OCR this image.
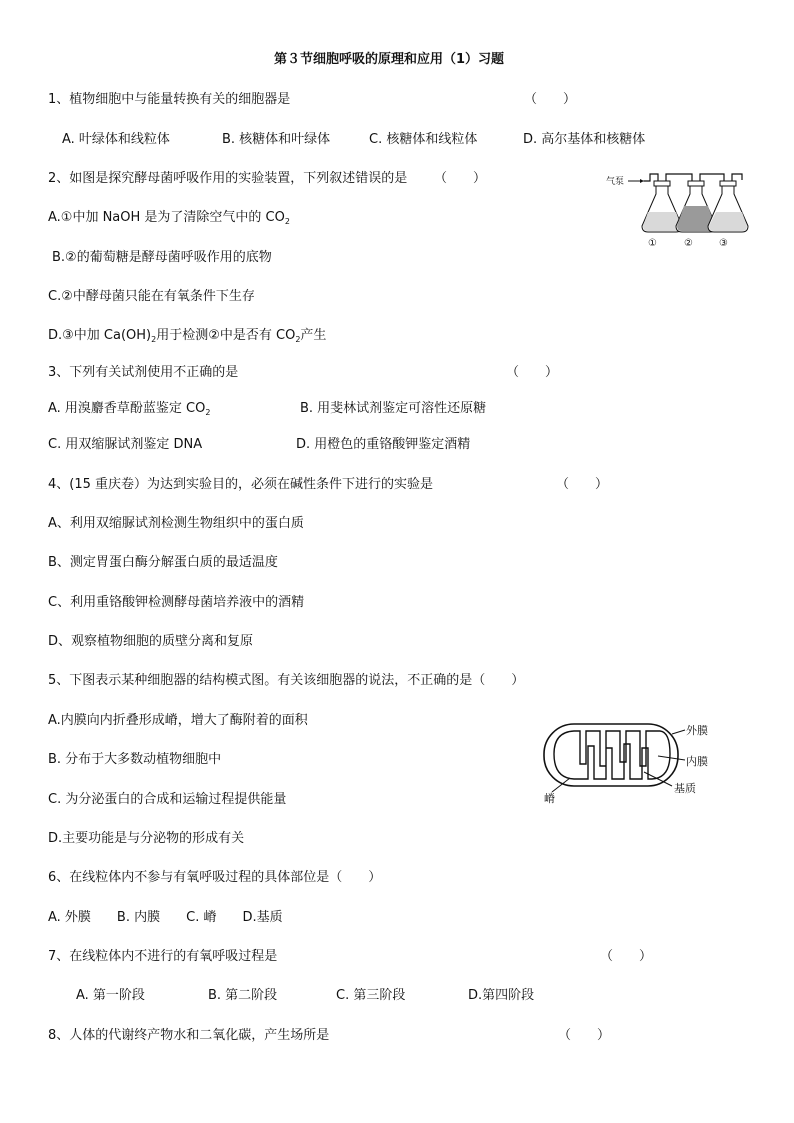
第３节细胞呼吸的原理和应用（1）习题
1、植物细胞中与能量转换有关的细胞器是	（　　）
A. 叶绿体和线粒体	B. 核糖体和叶绿体	C. 核糖体和线粒体	D. 高尔基体和核糖体
2、如图是探究酵母菌呼吸作用的实验装置，下列叙述错误的是 （　　）
A.①中加 NaOH 是为了清除空气中的 $CO_2$
B.②的葡萄糖是酵母菌呼吸作用的底物
C.②中酵母菌只能在有氧条件下生存
D.③中加 $Ca(OH)_2$用于检测②中是否有 $CO_2$产生
气泵
①	②	③
3、下列有关试剂使用不正确的是	（　　）
A. 用溴麝香草酚蓝鉴定 $CO_2$	B. 用斐林试剂鉴定可溶性还原糖
C. 用双缩脲试剂鉴定 DNA	D. 用橙色的重铬酸钾鉴定酒精
4、(15 重庆卷）为达到实验目的，必须在碱性条件下进行的实验是	（　　）
A、利用双缩脲试剂检测生物组织中的蛋白质
B、测定胃蛋白酶分解蛋白质的最适温度
C、利用重铬酸钾检测酵母菌培养液中的酒精
D、观察植物细胞的质壁分离和复原
5、下图表示某种细胞器的结构模式图。有关该细胞器的说法，不正确的是（　　）
A.内膜向内折叠形成嵴，增大了酶附着的面积
B. 分布于大多数动植物细胞中
C. 为分泌蛋白的合成和运输过程提供能量
D.主要功能是与分泌物的形成有关
外膜
内膜
基质
嵴
6、在线粒体内不参与有氧呼吸过程的具体部位是（　　）
A. 外膜　　B. 内膜　　C. 嵴　　D.基质
7、在线粒体内不进行的有氧呼吸过程是	（　　）
A. 第一阶段	B. 第二阶段	C. 第三阶段	D.第四阶段
8、人体的代谢终产物水和二氧化碳，产生场所是	（　　）
